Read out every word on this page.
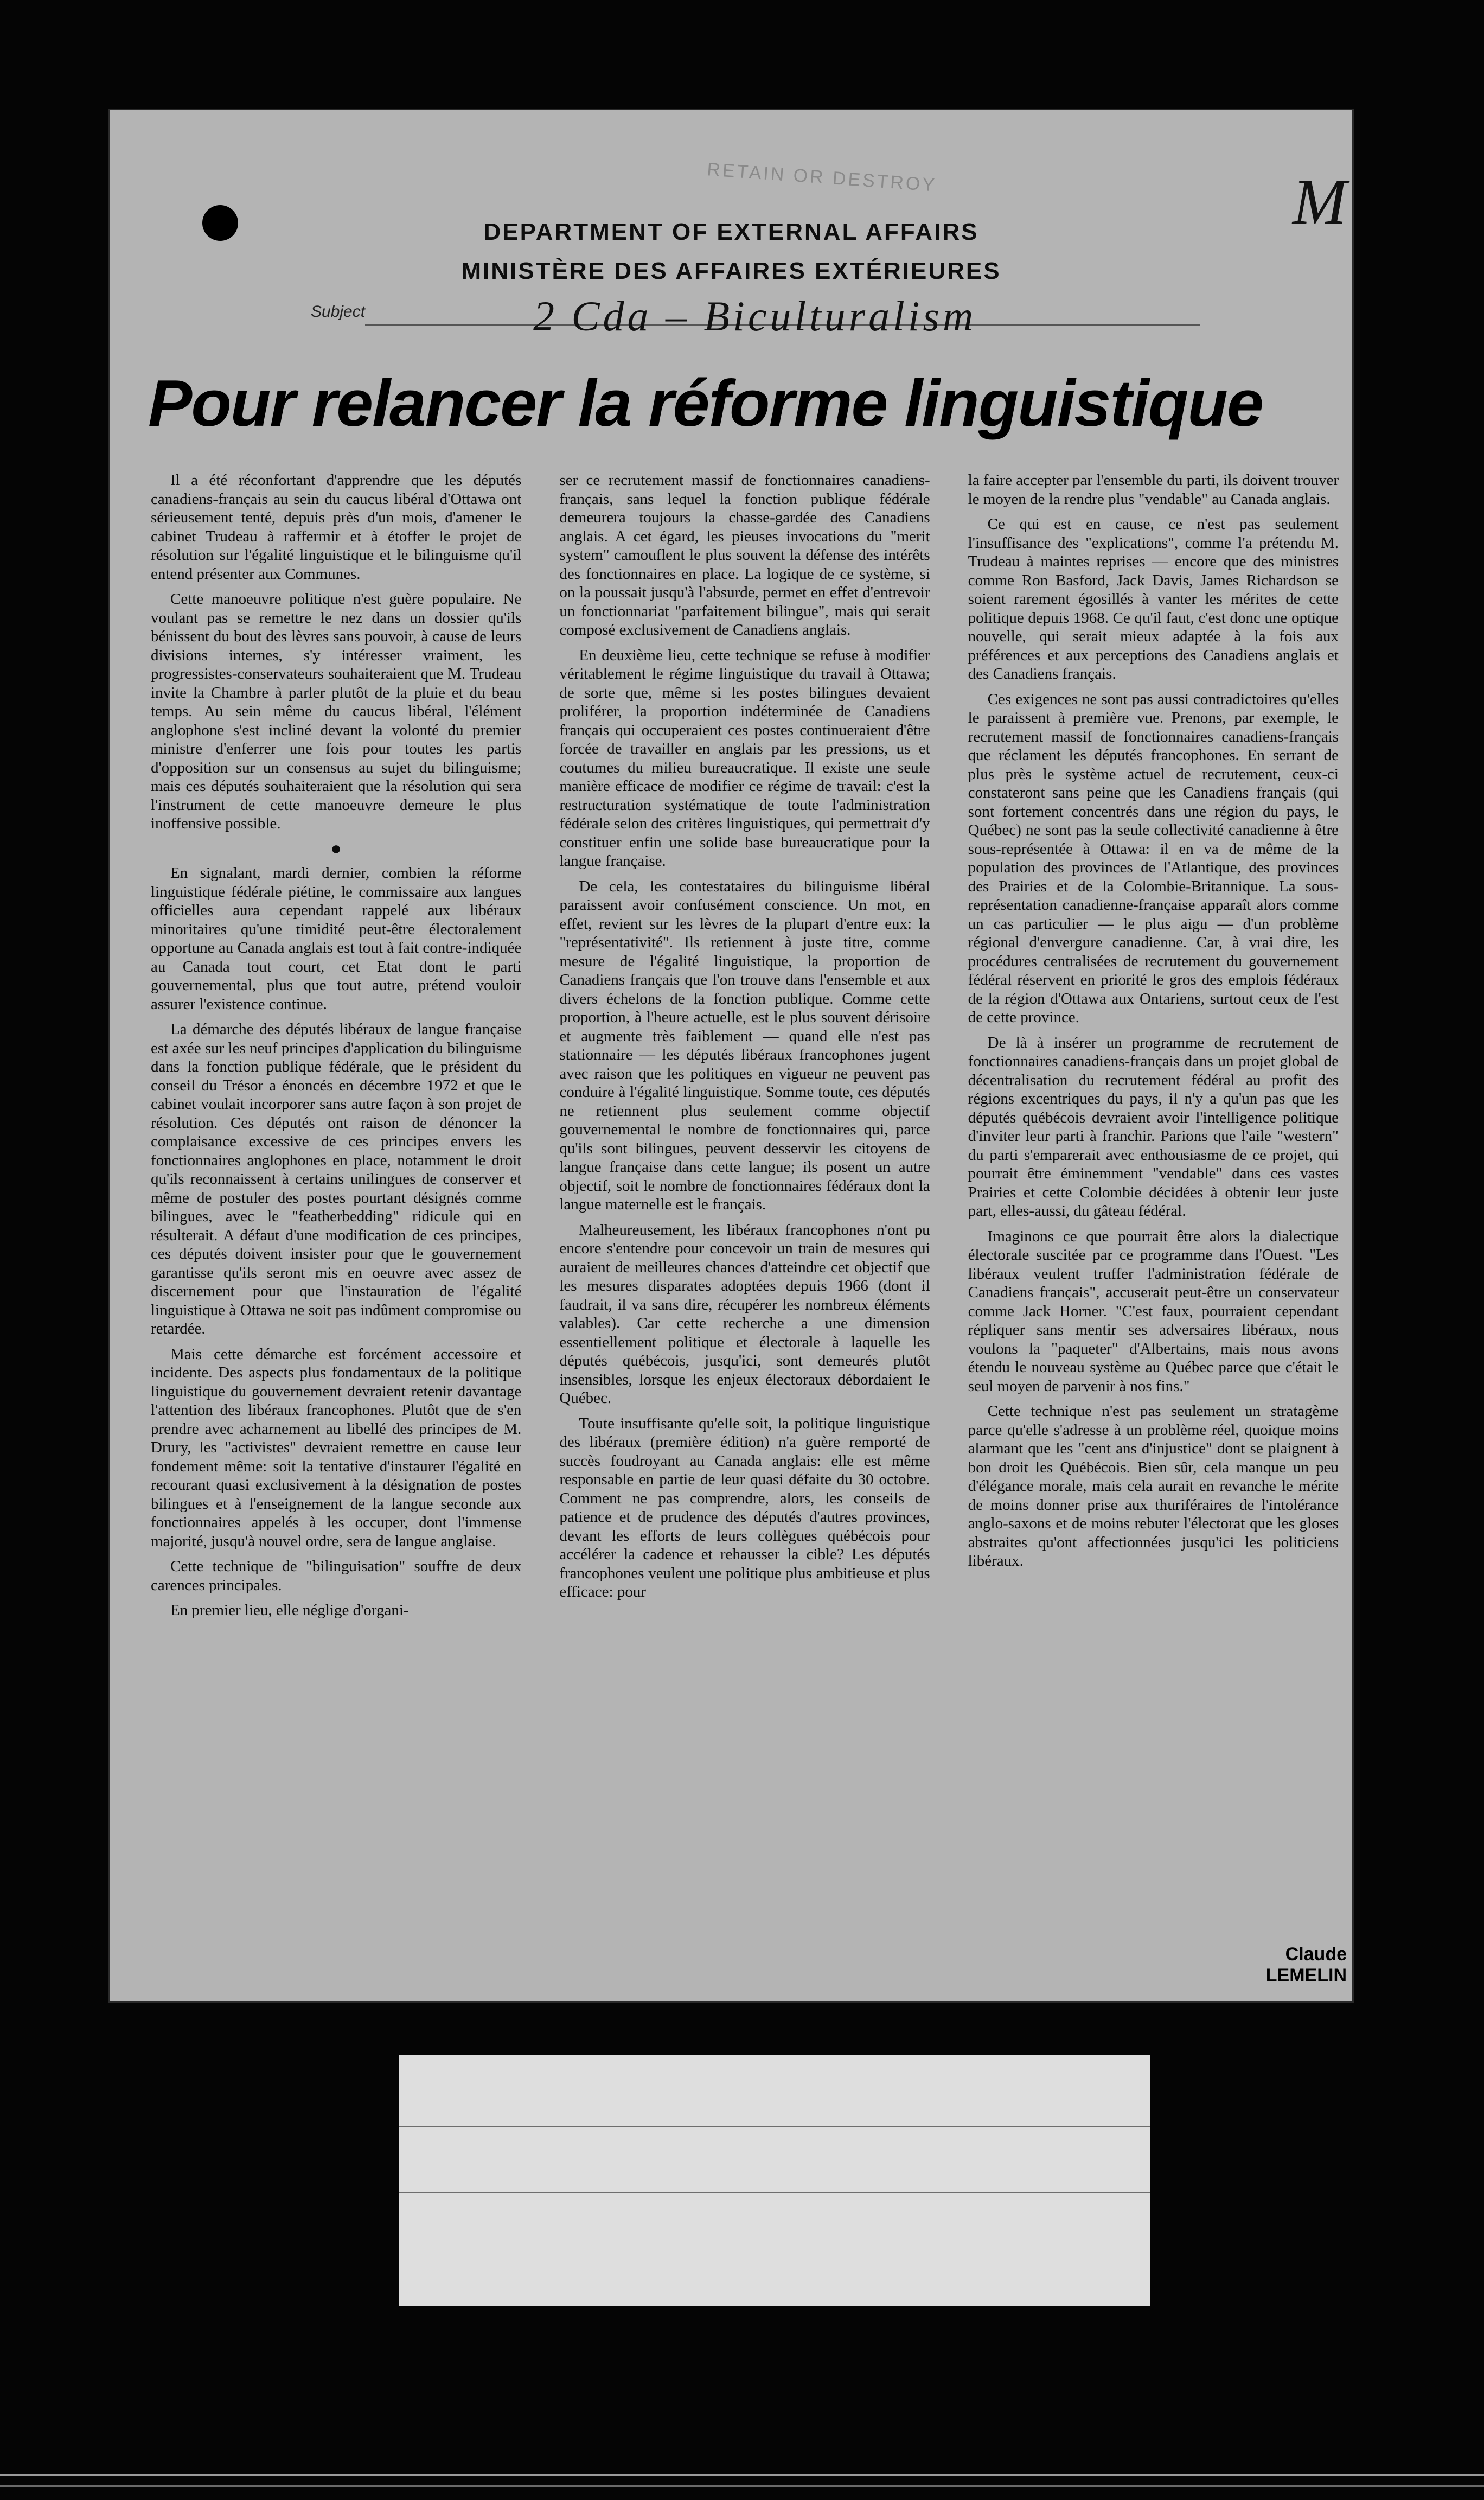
RETAIN OR DESTROY	M
DEPARTMENT OF EXTERNAL AFFAIRS
MINISTÈRE DES AFFAIRES EXTÉRIEURES
Subject	2 Cda – Biculturalism
Pour relancer la réforme linguistique

Il a été réconfortant d'apprendre que les députés canadiens-français au sein du caucus libéral d'Ottawa ont sérieusement tenté, depuis près d'un mois, d'amener le cabinet Trudeau à raffermir et à étoffer le projet de résolution sur l'égalité linguistique et le bilinguisme qu'il entend présenter aux Communes.

Cette manoeuvre politique n'est guère populaire. Ne voulant pas se remettre le nez dans un dossier qu'ils bénissent du bout des lèvres sans pouvoir, à cause de leurs divisions internes, s'y intéresser vraiment, les progressistes-conservateurs souhaiteraient que M. Trudeau invite la Chambre à parler plutôt de la pluie et du beau temps. Au sein même du caucus libéral, l'élément anglophone s'est incliné devant la volonté du premier ministre d'enferrer une fois pour toutes les partis d'opposition sur un consensus au sujet du bilinguisme; mais ces députés souhaiteraient que la résolution qui sera l'instrument de cette manoeuvre demeure le plus inoffensive possible.

●

En signalant, mardi dernier, combien la réforme linguistique fédérale piétine, le commissaire aux langues officielles aura cependant rappelé aux libéraux minoritaires qu'une timidité peut-être électoralement opportune au Canada anglais est tout à fait contre-indiquée au Canada tout court, cet Etat dont le parti gouvernemental, plus que tout autre, prétend vouloir assurer l'existence continue.

La démarche des députés libéraux de langue française est axée sur les neuf principes d'application du bilinguisme dans la fonction publique fédérale, que le président du conseil du Trésor a énoncés en décembre 1972 et que le cabinet voulait incorporer sans autre façon à son projet de résolution. Ces députés ont raison de dénoncer la complaisance excessive de ces principes envers les fonctionnaires anglophones en place, notamment le droit qu'ils reconnaissent à certains unilingues de conserver et même de postuler des postes pourtant désignés comme bilingues, avec le "featherbedding" ridicule qui en résulterait. A défaut d'une modification de ces principes, ces députés doivent insister pour que le gouvernement garantisse qu'ils seront mis en oeuvre avec assez de discernement pour que l'instauration de l'égalité linguistique à Ottawa ne soit pas indûment compromise ou retardée.

Mais cette démarche est forcément accessoire et incidente. Des aspects plus fondamentaux de la politique linguistique du gouvernement devraient retenir davantage l'attention des libéraux francophones. Plutôt que de s'en prendre avec acharnement au libellé des principes de M. Drury, les "activistes" devraient remettre en cause leur fondement même: soit la tentative d'instaurer l'égalité en recourant quasi exclusivement à la désignation de postes bilingues et à l'enseignement de la langue seconde aux fonctionnaires appelés à les occuper, dont l'immense majorité, jusqu'à nouvel ordre, sera de langue anglaise.

Cette technique de "bilinguisation" souffre de deux carences principales.

En premier lieu, elle néglige d'organi-

ser ce recrutement massif de fonctionnaires canadiens-français, sans lequel la fonction publique fédérale demeurera toujours la chasse-gardée des Canadiens anglais. A cet égard, les pieuses invocations du "merit system" camouflent le plus souvent la défense des intérêts des fonctionnaires en place. La logique de ce système, si on la poussait jusqu'à l'absurde, permet en effet d'entrevoir un fonctionnariat "parfaitement bilingue", mais qui serait composé exclusivement de Canadiens anglais.

En deuxième lieu, cette technique se refuse à modifier véritablement le régime linguistique du travail à Ottawa; de sorte que, même si les postes bilingues devaient proliférer, la proportion indéterminée de Canadiens français qui occuperaient ces postes continueraient d'être forcée de travailler en anglais par les pressions, us et coutumes du milieu bureaucratique. Il existe une seule manière efficace de modifier ce régime de travail: c'est la restructuration systématique de toute l'administration fédérale selon des critères linguistiques, qui permettrait d'y constituer enfin une solide base bureaucratique pour la langue française.

De cela, les contestataires du bilinguisme libéral paraissent avoir confusément conscience. Un mot, en effet, revient sur les lèvres de la plupart d'entre eux: la "représentativité". Ils retiennent à juste titre, comme mesure de l'égalité linguistique, la proportion de Canadiens français que l'on trouve dans l'ensemble et aux divers échelons de la fonction publique. Comme cette proportion, à l'heure actuelle, est le plus souvent dérisoire et augmente très faiblement — quand elle n'est pas stationnaire — les députés libéraux francophones jugent avec raison que les politiques en vigueur ne peuvent pas conduire à l'égalité linguistique. Somme toute, ces députés ne retiennent plus seulement comme objectif gouvernemental le nombre de fonctionnaires qui, parce qu'ils sont bilingues, peuvent desservir les citoyens de langue française dans cette langue; ils posent un autre objectif, soit le nombre de fonctionnaires fédéraux dont la langue maternelle est le français.

Malheureusement, les libéraux francophones n'ont pu encore s'entendre pour concevoir un train de mesures qui auraient de meilleures chances d'atteindre cet objectif que les mesures disparates adoptées depuis 1966 (dont il faudrait, il va sans dire, récupérer les nombreux éléments valables). Car cette recherche a une dimension essentiellement politique et électorale à laquelle les députés québécois, jusqu'ici, sont demeurés plutôt insensibles, lorsque les enjeux électoraux débordaient le Québec.

Toute insuffisante qu'elle soit, la politique linguistique des libéraux (première édition) n'a guère remporté de succès foudroyant au Canada anglais: elle est même responsable en partie de leur quasi défaite du 30 octobre. Comment ne pas comprendre, alors, les conseils de patience et de prudence des députés d'autres provinces, devant les efforts de leurs collègues québécois pour accélérer la cadence et rehausser la cible? Les députés francophones veulent une politique plus ambitieuse et plus efficace: pour

la faire accepter par l'ensemble du parti, ils doivent trouver le moyen de la rendre plus "vendable" au Canada anglais.

Ce qui est en cause, ce n'est pas seulement l'insuffisance des "explications", comme l'a prétendu M. Trudeau à maintes reprises — encore que des ministres comme Ron Basford, Jack Davis, James Richardson se soient rarement égosillés à vanter les mérites de cette politique depuis 1968. Ce qu'il faut, c'est donc une optique nouvelle, qui serait mieux adaptée à la fois aux préférences et aux perceptions des Canadiens anglais et des Canadiens français.

Ces exigences ne sont pas aussi contradictoires qu'elles le paraissent à première vue. Prenons, par exemple, le recrutement massif de fonctionnaires canadiens-français que réclament les députés francophones. En serrant de plus près le système actuel de recrutement, ceux-ci constateront sans peine que les Canadiens français (qui sont fortement concentrés dans une région du pays, le Québec) ne sont pas la seule collectivité canadienne à être sous-représentée à Ottawa: il en va de même de la population des provinces de l'Atlantique, des provinces des Prairies et de la Colombie-Britannique. La sous-représentation canadienne-française apparaît alors comme un cas particulier — le plus aigu — d'un problème régional d'envergure canadienne. Car, à vrai dire, les procédures centralisées de recrutement du gouvernement fédéral réservent en priorité le gros des emplois fédéraux de la région d'Ottawa aux Ontariens, surtout ceux de l'est de cette province.

De là à insérer un programme de recrutement de fonctionnaires canadiens-français dans un projet global de décentralisation du recrutement fédéral au profit des régions excentriques du pays, il n'y a qu'un pas que les députés québécois devraient avoir l'intelligence politique d'inviter leur parti à franchir. Parions que l'aile "western" du parti s'emparerait avec enthousiasme de ce projet, qui pourrait être éminemment "vendable" dans ces vastes Prairies et cette Colombie décidées à obtenir leur juste part, elles-aussi, du gâteau fédéral.

Imaginons ce que pourrait être alors la dialectique électorale suscitée par ce programme dans l'Ouest. "Les libéraux veulent truffer l'administration fédérale de Canadiens français", accuserait peut-être un conservateur comme Jack Horner. "C'est faux, pourraient cependant répliquer sans mentir ses adversaires libéraux, nous voulons la "paqueter" d'Albertains, mais nous avons étendu le nouveau système au Québec parce que c'était le seul moyen de parvenir à nos fins."

Cette technique n'est pas seulement un stratagème parce qu'elle s'adresse à un problème réel, quoique moins alarmant que les "cent ans d'injustice" dont se plaignent à bon droit les Québécois. Bien sûr, cela manque un peu d'élégance morale, mais cela aurait en revanche le mérite de moins donner prise aux thuriféraires de l'intolérance anglo-saxons et de moins rebuter l'électorat que les gloses abstraites qu'ont affectionnées jusqu'ici les politiciens libéraux.

Claude LEMELIN
